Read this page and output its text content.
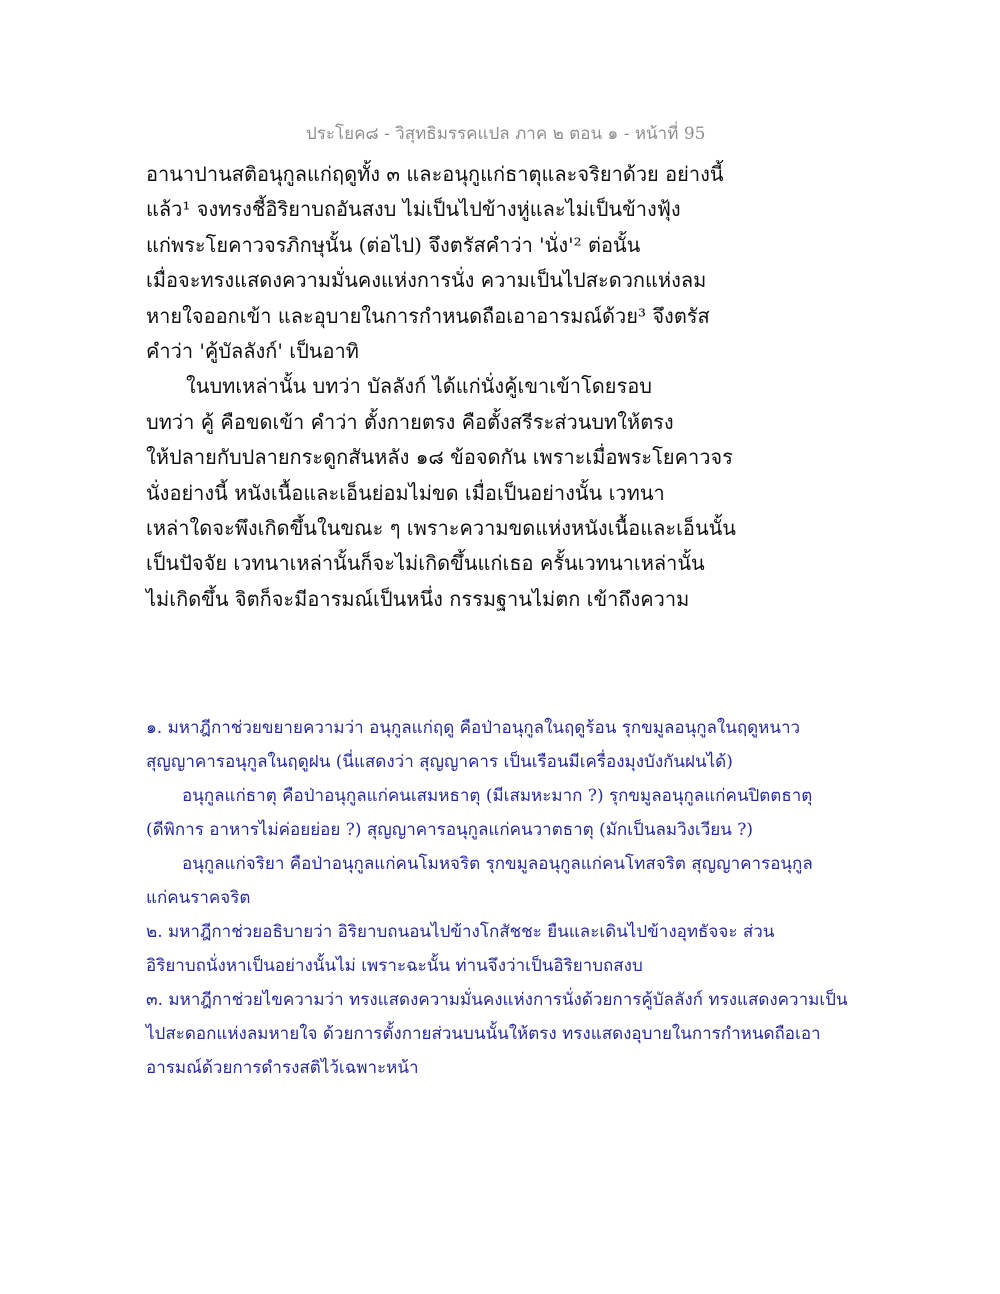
ประโยค๘ - วิสุทธิมรรคแปล ภาค ๒ ตอน ๑ - หน้าที่ 95
อานาปานสติอนุกูลแก่ฤดูทั้ง ๓ และอนุกูแก่ธาตุและจริยาด้วย อย่างนี้
แล้ว¹ จงทรงชี้อิริยาบถอันสงบ ไม่เป็นไปข้างหู่และไม่เป็นข้างฟุ้ง
แก่พระโยคาวจรภิกษุนั้น (ต่อไป) จึงตรัสคำว่า 'นั่ง'² ต่อนั้น
เมื่อจะทรงแสดงความมั่นคงแห่งการนั่ง ความเป็นไปสะดวกแห่งลม
หายใจออกเข้า และอุบายในการกำหนดถือเอาอารมณ์ด้วย³ จึงตรัส
คำว่า 'คู้บัลลังก์' เป็นอาทิ
ในบทเหล่านั้น บทว่า บัลลังก์ ได้แก่นั่งคู้เขาเข้าโดยรอบ
บทว่า คู้ คือขดเข้า คำว่า ตั้งกายตรง คือตั้งสรีระส่วนบทให้ตรง
ให้ปลายกับปลายกระดูกสันหลัง ๑๘ ข้อจดกัน เพราะเมื่อพระโยคาวจร
นั่งอย่างนี้ หนังเนื้อและเอ็นย่อมไม่ขด เมื่อเป็นอย่างนั้น เวทนา
เหล่าใดจะพึงเกิดขึ้นในขณะ ๆ เพราะความขดแห่งหนังเนื้อและเอ็นนั้น
เป็นปัจจัย เวทนาเหล่านั้นก็จะไม่เกิดขึ้นแก่เธอ ครั้นเวทนาเหล่านั้น
ไม่เกิดขึ้น จิตก็จะมีอารมณ์เป็นหนึ่ง กรรมฐานไม่ตก เข้าถึงความ
๑. มหาฎีกาช่วยขยายความว่า อนุกูลแก่ฤดู คือป่าอนุกูลในฤดูร้อน รุกขมูลอนุกูลในฤดูหนาว
สุญญาคารอนุกูลในฤดูฝน (นี่แสดงว่า สุญญาคาร เป็นเรือนมีเครื่องมุงบังกันฝนได้)
อนุกูลแก่ธาตุ คือป่าอนุกูลแก่คนเสมหธาตุ (มีเสมหะมาก ?) รุกขมูลอนุกูลแก่คนปิตตธาตุ
(ดีพิการ อาหารไม่ค่อยย่อย ?) สุญญาคารอนุกูลแก่คนวาตธาตุ (มักเป็นลมวิงเวียน ?)
อนุกูลแก่จริยา คือป่าอนุกูลแก่คนโมหจริต รุกขมูลอนุกูลแก่คนโทสจริต สุญญาคารอนุกูล
แก่คนราคจริต
๒. มหาฎีกาช่วยอธิบายว่า อิริยาบถนอนไปข้างโกสัชชะ ยืนและเดินไปข้างอุทธัจจะ ส่วน
อิริยาบถนั่งหาเป็นอย่างนั้นไม่ เพราะฉะนั้น ท่านจึงว่าเป็นอิริยาบถสงบ
๓. มหาฎีกาช่วยไขความว่า ทรงแสดงความมั่นคงแห่งการนั่งด้วยการคู้บัลลังก์ ทรงแสดงความเป็น
ไปสะดอกแห่งลมหายใจ ด้วยการตั้งกายส่วนบนนั้นให้ตรง ทรงแสดงอุบายในการกำหนดถือเอา
อารมณ์ด้วยการดำรงสติไว้เฉพาะหน้า
